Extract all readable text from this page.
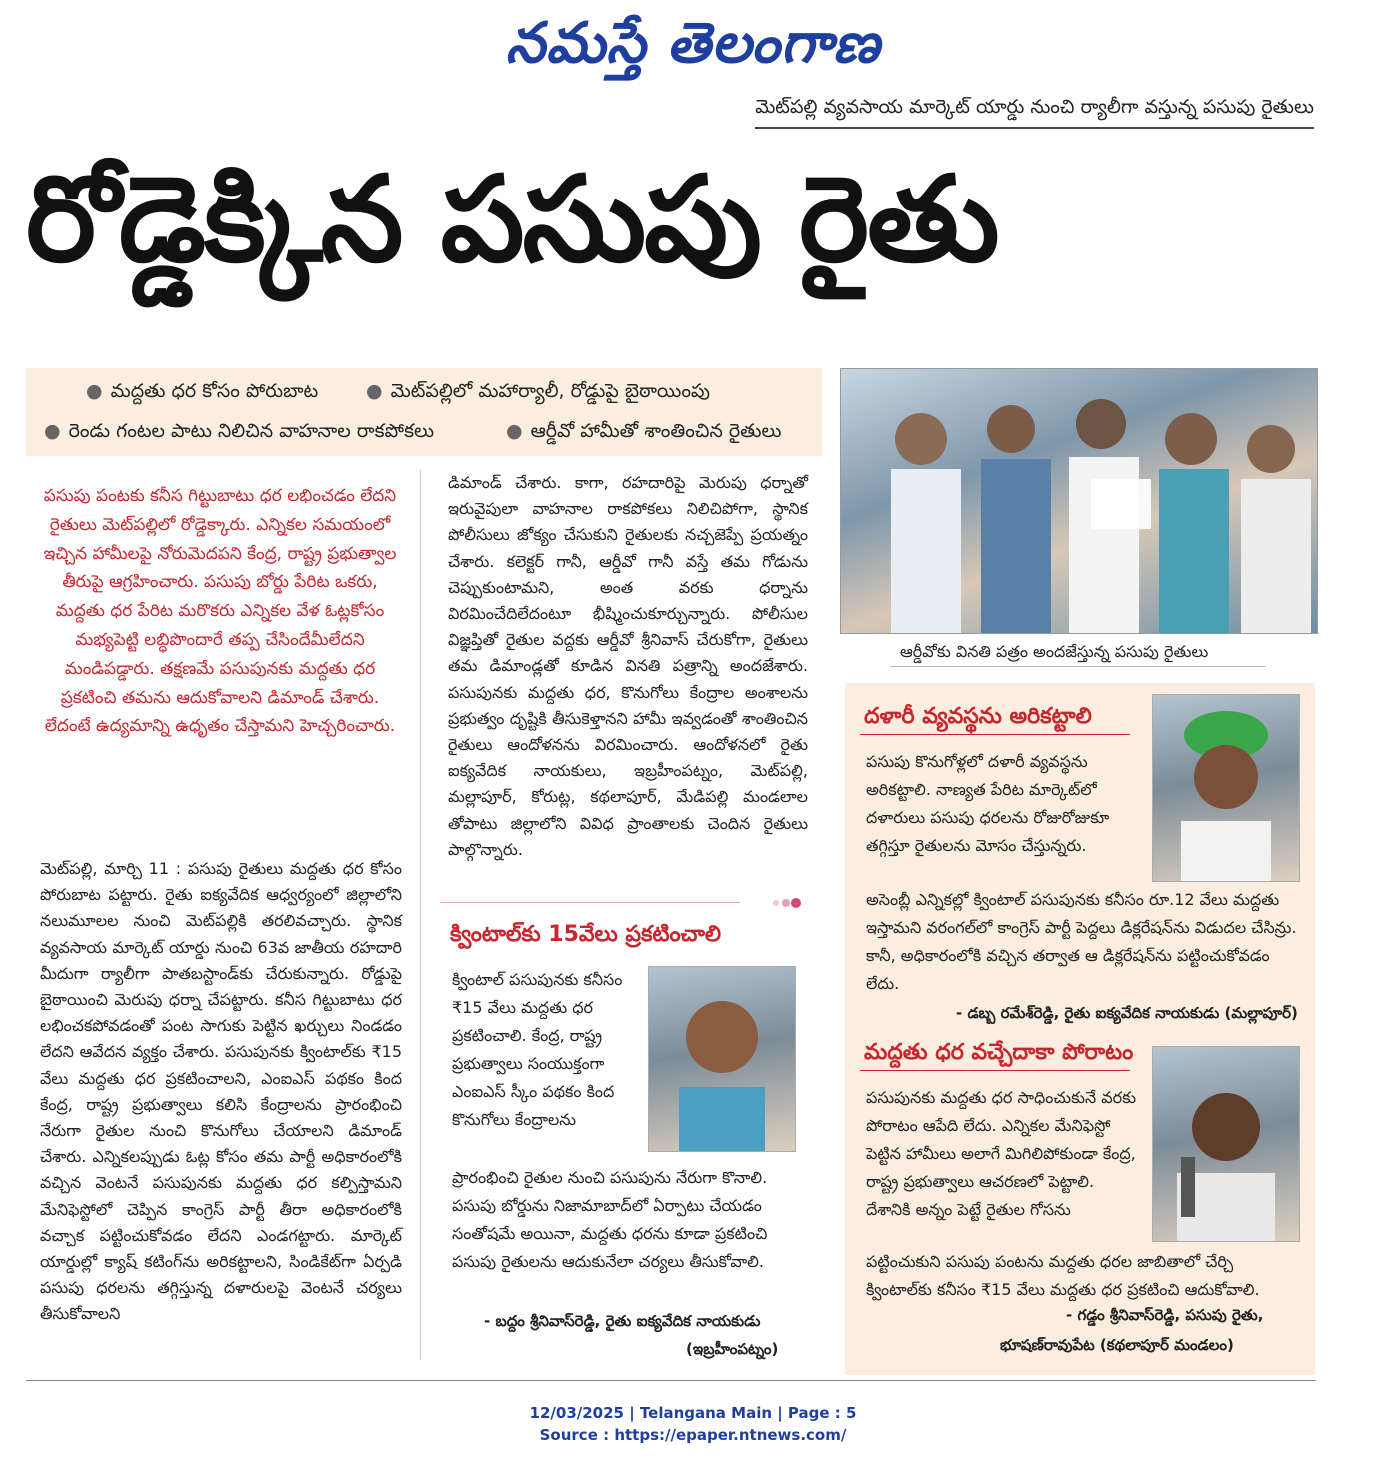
నమస్తే తెలంగాణ
మెట్‌పల్లి వ్యవసాయ మార్కెట్ యార్డు నుంచి ర్యాలీగా వస్తున్న పసుపు రైతులు
రోడ్డెక్కిన పసుపు రైతు
● మద్దతు ధర కోసం పోరుబాట	● మెట్‌పల్లిలో మహార్యాలీ, రోడ్డుపై బైఠాయింపు
● రెండు గంటల పాటు నిలిచిన వాహనాల రాకపోకలు	● ఆర్డీవో హామీతో శాంతించిన రైతులు
ఆర్డీవోకు వినతి పత్రం అందజేస్తున్న పసుపు రైతులు
పసుపు పంటకు కనీస గిట్టుబాటు ధర లభించడం లేదని రైతులు మెట్‌పల్లిలో రోడ్డెక్కారు. ఎన్నికల సమయంలో ఇచ్చిన హామీలపై నోరుమెదపని కేంద్ర, రాష్ట్ర ప్రభుత్వాల తీరుపై ఆగ్రహించారు. పసుపు బోర్డు పేరిట ఒకరు, మద్దతు ధర పేరిట మరొకరు ఎన్నికల వేళ ఓట్లకోసం మభ్యపెట్టి లబ్ధిపొందారే తప్ప చేసిందేమీలేదని మండిపడ్డారు. తక్షణమే పసుపునకు మద్దతు ధర ప్రకటించి తమను ఆదుకోవాలని డిమాండ్ చేశారు. లేదంటే ఉద్యమాన్ని ఉధృతం చేస్తామని హెచ్చరించారు.
మెట్‌పల్లి, మార్చి 11 : పసుపు రైతులు మద్దతు ధర కోసం పోరుబాట పట్టారు. రైతు ఐక్యవేదిక ఆధ్వర్యంలో జిల్లాలోని నలుమూలల నుంచి మెట్‌పల్లికి తరలివచ్చారు. స్థానిక వ్యవసాయ మార్కెట్ యార్డు నుంచి 63వ జాతీయ రహదారి మీదుగా ర్యాలీగా పాతబస్టాండ్‌కు చేరుకున్నారు. రోడ్డుపై బైఠాయించి మెరుపు ధర్నా చేపట్టారు. కనీస గిట్టుబాటు ధర లభించకపోవడంతో పంట సాగుకు పెట్టిన ఖర్చులు నిండడం లేదని ఆవేదన వ్యక్తం చేశారు. పసుపునకు క్వింటాల్‌కు ₹15 వేలు మద్దతు ధర ప్రకటించాలని, ఎంఐఎస్ పథకం కింద కేంద్ర, రాష్ట్ర ప్రభుత్వాలు కలిసి కేంద్రాలను ప్రారంభించి నేరుగా రైతుల నుంచి కొనుగోలు చేయాలని డిమాండ్ చేశారు. ఎన్నికలప్పుడు ఓట్ల కోసం తమ పార్టీ అధికారంలోకి వచ్చిన వెంటనే పసుపునకు మద్దతు ధర కల్పిస్తామని మేనిఫెస్టోలో చెప్పిన కాంగ్రెస్ పార్టీ తీరా అధికారంలోకి వచ్చాక పట్టించుకోవడం లేదని ఎండగట్టారు. మార్కెట్ యార్డుల్లో క్యాష్ కటింగ్‌ను అరికట్టాలని, సిండికేట్‌గా ఏర్పడి పసుపు ధరలను తగ్గిస్తున్న దళారులపై వెంటనే చర్యలు తీసుకోవాలని
డిమాండ్ చేశారు. కాగా, రహదారిపై మెరుపు ధర్నాతో ఇరువైపులా వాహనాల రాకపోకలు నిలిచిపోగా, స్థానిక పోలీసులు జోక్యం చేసుకుని రైతులకు నచ్చజెప్పే ప్రయత్నం చేశారు. కలెక్టర్ గానీ, ఆర్డీవో గానీ వస్తే తమ గోడును చెప్పుకుంటామని, అంత వరకు ధర్నాను విరమించేదిలేదంటూ భీష్మించుకూర్చున్నారు. పోలీసుల విజ్ఞప్తితో రైతుల వద్దకు ఆర్డీవో శ్రీనివాస్ చేరుకోగా, రైతులు తమ డిమాండ్లతో కూడిన వినతి పత్రాన్ని అందజేశారు. పసుపునకు మద్దతు ధర, కొనుగోలు కేంద్రాల అంశాలను ప్రభుత్వం దృష్టికి తీసుకెళ్తానని హామీ ఇవ్వడంతో శాంతించిన రైతులు ఆందోళనను విరమించారు. ఆందోళనలో రైతు ఐక్యవేదిక నాయకులు, ఇబ్రహీంపట్నం, మెట్‌పల్లి, మల్లాపూర్, కోరుట్ల, కథలాపూర్, మేడిపల్లి మండలాల తోపాటు జిల్లాలోని వివిధ ప్రాంతాలకు చెందిన రైతులు పాల్గొన్నారు.
క్వింటాల్‌కు 15వేలు ప్రకటించాలి
క్వింటాల్ పసుపునకు కనీసం ₹15 వేలు మద్దతు ధర ప్రకటించాలి. కేంద్ర, రాష్ట్ర ప్రభుత్వాలు సంయుక్తంగా ఎంఐఎస్ స్కీం పథకం కింద కొనుగోలు కేంద్రాలను
ప్రారంభించి రైతుల నుంచి పసుపును నేరుగా కొనాలి. పసుపు బోర్డును నిజామాబాద్‌లో ఏర్పాటు చేయడం సంతోషమే అయినా, మద్దతు ధరను కూడా ప్రకటించి పసుపు రైతులను ఆదుకునేలా చర్యలు తీసుకోవాలి.
- బద్దం శ్రీనివాస్‌రెడ్డి, రైతు ఐక్యవేదిక నాయకుడు
(ఇబ్రహీంపట్నం)
దళారీ వ్యవస్థను అరికట్టాలి
పసుపు కొనుగోళ్లలో దళారీ వ్యవస్థను అరికట్టాలి. నాణ్యత పేరిట మార్కెట్‌లో దళారులు పసుపు ధరలను రోజురోజుకూ తగ్గిస్తూ రైతులను మోసం చేస్తున్నరు.
అసెంబ్లీ ఎన్నికల్లో క్వింటాల్ పసుపునకు కనీసం రూ.12 వేలు మద్దతు ఇస్తామని వరంగల్‌లో కాంగ్రెస్ పార్టీ పెద్దలు డిక్లరేషన్‌ను విడుదల చేసిన్రు. కానీ, అధికారంలోకి వచ్చిన తర్వాత ఆ డిక్లరేషన్‌ను పట్టించుకోవడం లేదు.
- డబ్బ రమేశ్‌రెడ్డి, రైతు ఐక్యవేదిక నాయకుడు (మల్లాపూర్)
మద్దతు ధర వచ్చేదాకా పోరాటం
పసుపునకు మద్దతు ధర సాధించుకునే వరకు పోరాటం ఆపేది లేదు. ఎన్నికల మేనిఫెస్టో పెట్టిన హామీలు అలాగే మిగిలిపోకుండా కేంద్ర, రాష్ట్ర ప్రభుత్వాలు ఆచరణలో పెట్టాలి. దేశానికి అన్నం పెట్టే రైతుల గోసను
పట్టించుకుని పసుపు పంటను మద్దతు ధరల జాబితాలో చేర్చి క్వింటాల్‌కు కనీసం ₹15 వేలు మద్దతు ధర ప్రకటించి ఆదుకోవాలి.
- గడ్డం శ్రీనివాస్‌రెడ్డి, పసుపు రైతు,
భూషణ్‌రావుపేట (కథలాపూర్ మండలం)
12/03/2025 | Telangana Main | Page : 5
Source : https://epaper.ntnews.com/
